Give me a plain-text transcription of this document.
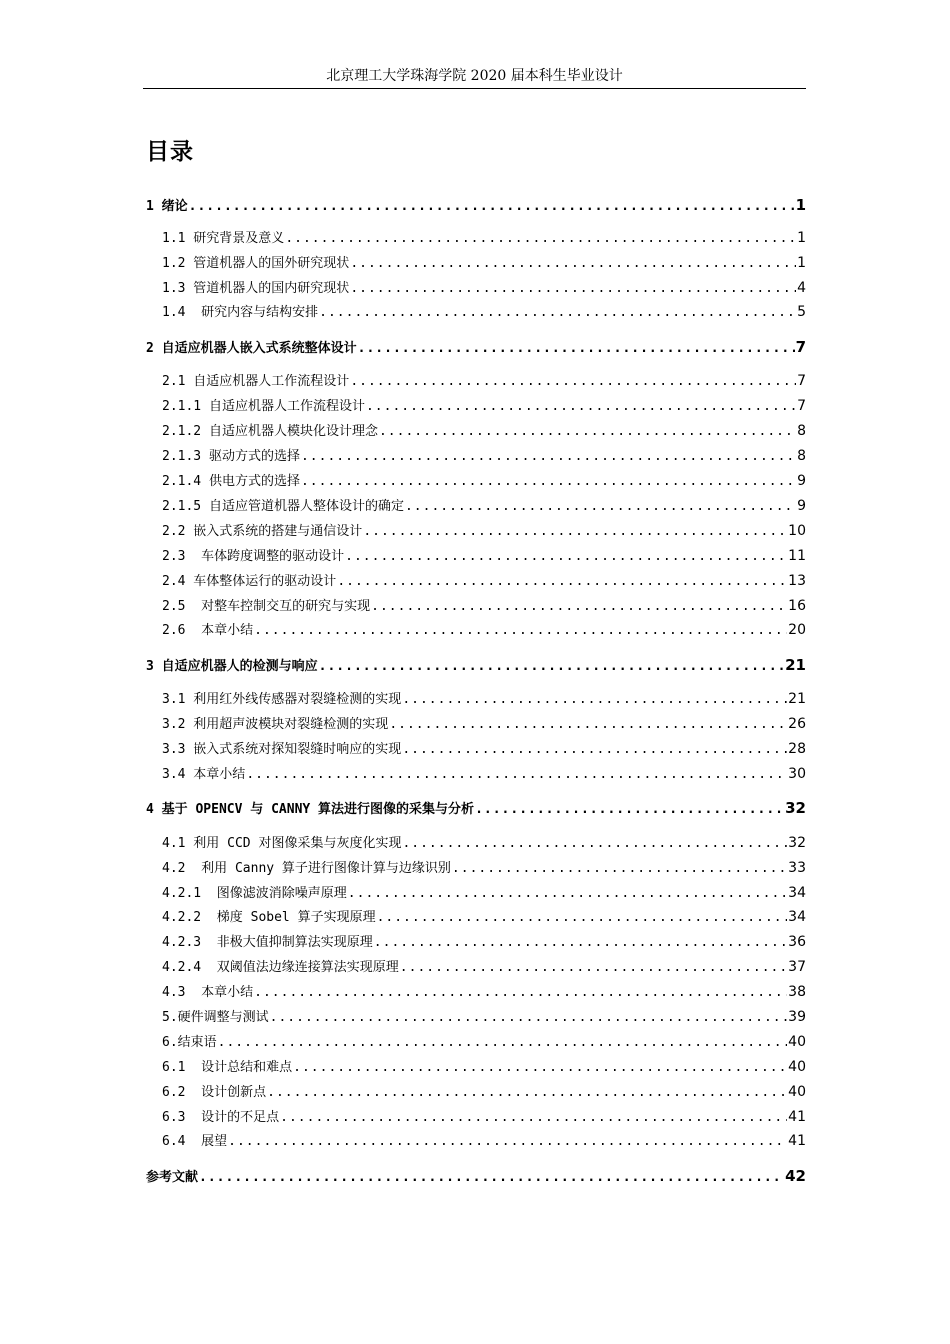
北京理工大学珠海学院 2020 届本科生毕业设计
目录
1 绪论 .....	1
1.1 研究背景及意义 .....	1
1.2 管道机器人的国外研究现状 .....	1
1.3 管道机器人的国内研究现状 .....	4
1.4  研究内容与结构安排 .....	5
2 自适应机器人嵌入式系统整体设计 .....	7
2.1 自适应机器人工作流程设计 .....	7
2.1.1 自适应机器人工作流程设计 .....	7
2.1.2 自适应机器人模块化设计理念 .....	8
2.1.3 驱动方式的选择 .....	8
2.1.4 供电方式的选择 .....	9
2.1.5 自适应管道机器人整体设计的确定 .....	9
2.2 嵌入式系统的搭建与通信设计 .....	10
2.3  车体跨度调整的驱动设计 .....	11
2.4 车体整体运行的驱动设计 .....	13
2.5  对整车控制交互的研究与实现 .....	16
2.6  本章小结 .....	20
3 自适应机器人的检测与响应 .....	21
3.1 利用红外线传感器对裂缝检测的实现 .....	21
3.2 利用超声波模块对裂缝检测的实现 .....	26
3.3 嵌入式系统对探知裂缝时响应的实现 .....	28
3.4 本章小结 .....	30
4 基于 OPENCV 与 CANNY 算法进行图像的采集与分析 .....	32
4.1 利用 CCD 对图像采集与灰度化实现 .....	32
4.2  利用 Canny 算子进行图像计算与边缘识别 .....	33
4.2.1  图像滤波消除噪声原理 .....	34
4.2.2  梯度 Sobel 算子实现原理 .....	34
4.2.3  非极大值抑制算法实现原理 .....	36
4.2.4  双阈值法边缘连接算法实现原理 .....	37
4.3  本章小结 .....	38
5.硬件调整与测试 .....	39
6.结束语 .....	40
6.1  设计总结和难点 .....	40
6.2  设计创新点 .....	40
6.3  设计的不足点 .....	41
6.4  展望 .....	41
参考文献 .....	42
